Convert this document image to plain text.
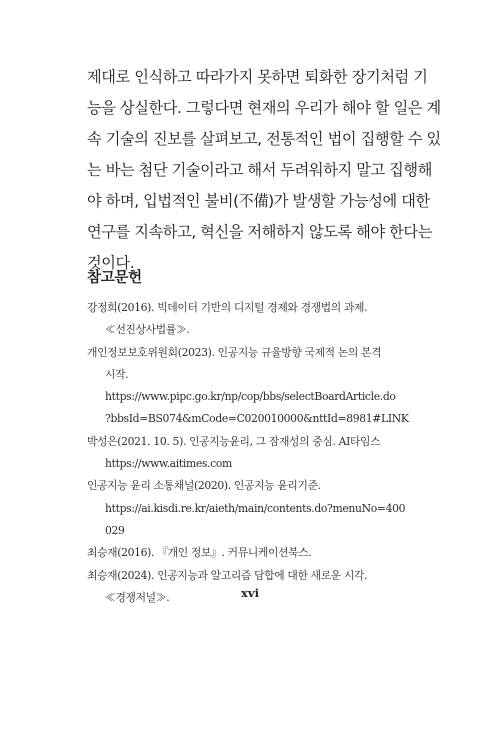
제대로 인식하고 따라가지 못하면 퇴화한 장기처럼 기
능을 상실한다. 그렇다면 현재의 우리가 해야 할 일은 계
속 기술의 진보를 살펴보고, 전통적인 법이 집행할 수 있
는 바는 첨단 기술이라고 해서 두려워하지 말고 집행해
야 하며, 입법적인 불비(不備)가 발생할 가능성에 대한
연구를 지속하고, 혁신을 저해하지 않도록 해야 한다는
것이다.
참고문헌
강정희(2016). 빅데이터 기반의 디지털 경제와 경쟁법의 과제.
≪선진상사법률≫.
개인정보보호위원회(2023). 인공지능 규율방향 국제적 논의 본격
시작.
https://www.pipc.go.kr/np/cop/bbs/selectBoardArticle.do
?bbsId=BS074&mCode=C020010000&nttId=8981#LINK
박성은(2021. 10. 5). 인공지능윤리, 그 잠재성의 중심. AI타임스
https://www.aitimes.com
인공지능 윤리 소통채널(2020). 인공지능 윤리기준.
https://ai.kisdi.re.kr/aieth/main/contents.do?menuNo=400
029
최승재(2016). 『개인 정보』. 커뮤니케이션북스.
최승재(2024). 인공지능과 알고리즘 담합에 대한 새로운 시각.
≪경쟁저널≫.	xvi
